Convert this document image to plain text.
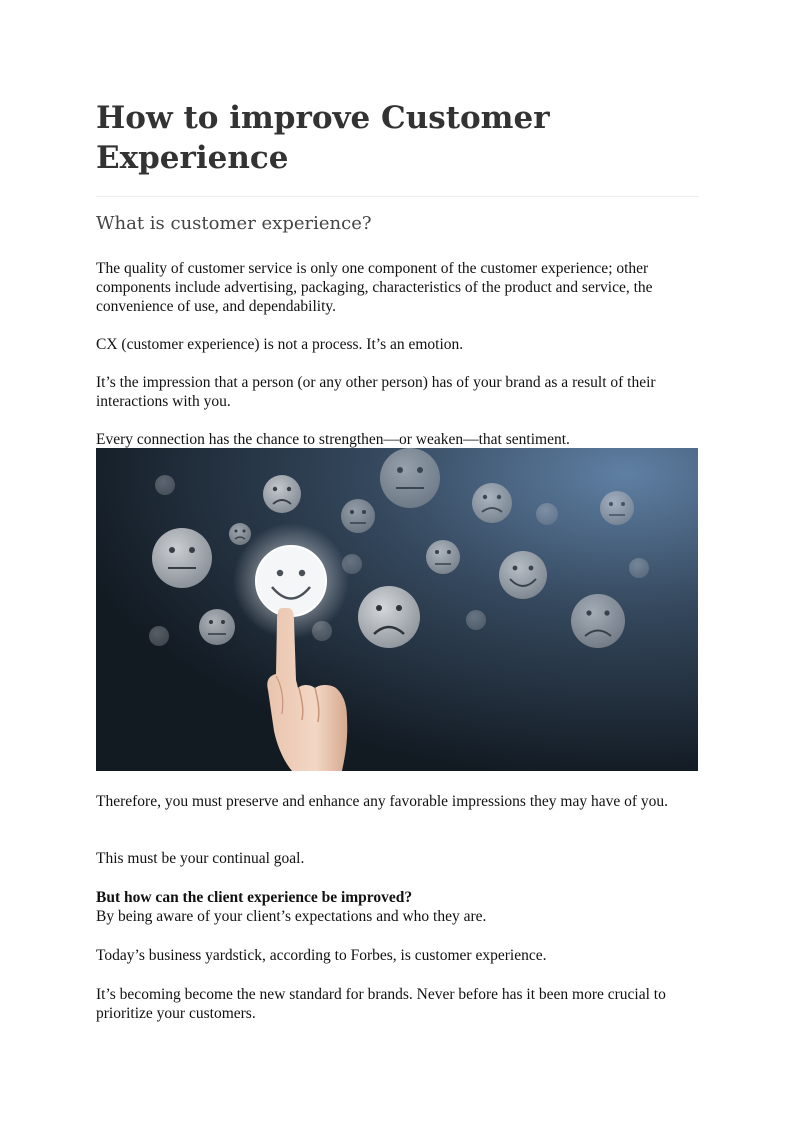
How to improve Customer Experience
What is customer experience?

The quality of customer service is only one component of the customer experience; other components include advertising, packaging, characteristics of the product and service, the convenience of use, and dependability.

CX (customer experience) is not a process. It’s an emotion.

It’s the impression that a person (or any other person) has of your brand as a result of their interactions with you.

Every connection has the chance to strengthen—or weaken—that sentiment.

Therefore, you must preserve and enhance any favorable impressions they may have of you.

This must be your continual goal.

But how can the client experience be improved?
By being aware of your client’s expectations and who they are.

Today’s business yardstick, according to Forbes, is customer experience.

It’s becoming become the new standard for brands. Never before has it been more crucial to prioritize your customers.
